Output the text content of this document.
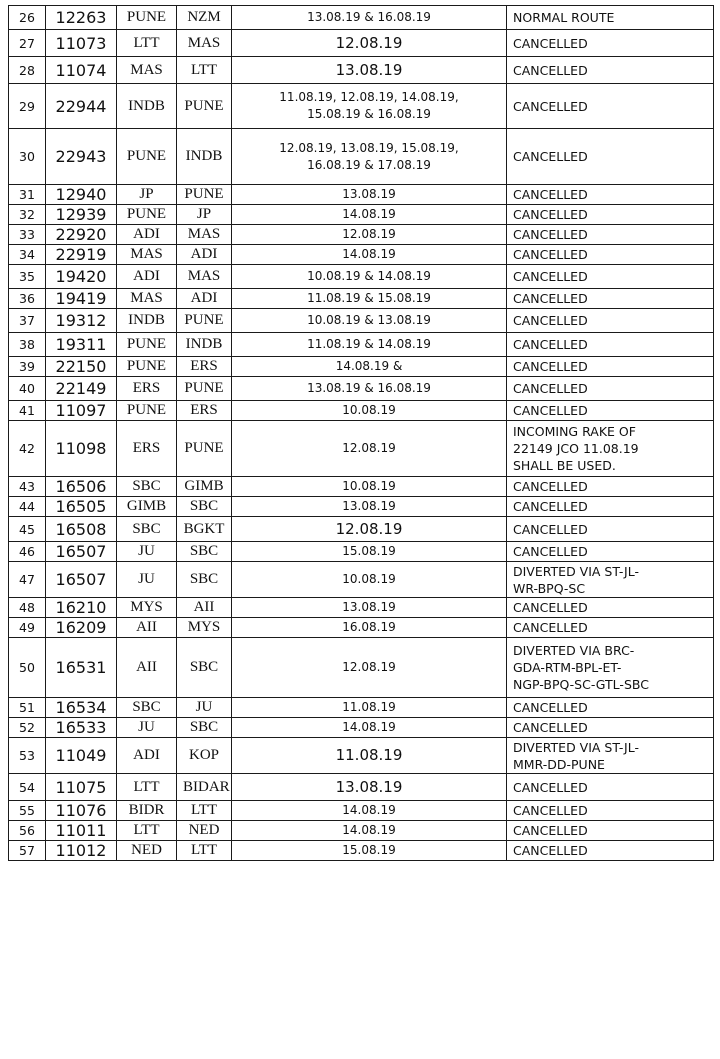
26	12263	PUNE	NZM	13.08.19 & 16.08.19	NORMAL ROUTE

27	11073	LTT	MAS	12.08.19	CANCELLED

28	11074	MAS	LTT	13.08.19	CANCELLED

29	22944	INDB	PUNE	11.08.19, 12.08.19, 14.08.19,
15.08.19 & 16.08.19	CANCELLED

30	22943	PUNE	INDB	12.08.19, 13.08.19, 15.08.19,
16.08.19 & 17.08.19	CANCELLED

31	12940	JP	PUNE	13.08.19	CANCELLED

32	12939	PUNE	JP	14.08.19	CANCELLED

33	22920	ADI	MAS	12.08.19	CANCELLED

34	22919	MAS	ADI	14.08.19	CANCELLED

35	19420	ADI	MAS	10.08.19 & 14.08.19	CANCELLED

36	19419	MAS	ADI	11.08.19 & 15.08.19	CANCELLED

37	19312	INDB	PUNE	10.08.19 & 13.08.19	CANCELLED

38	19311	PUNE	INDB	11.08.19 & 14.08.19	CANCELLED

39	22150	PUNE	ERS	14.08.19 &	CANCELLED

40	22149	ERS	PUNE	13.08.19 & 16.08.19	CANCELLED

41	11097	PUNE	ERS	10.08.19	CANCELLED

42	11098	ERS	PUNE	12.08.19	INCOMING RAKE OF
22149 JCO 11.08.19
SHALL BE USED.

43	16506	SBC	GIMB	10.08.19	CANCELLED

44	16505	GIMB	SBC	13.08.19	CANCELLED

45	16508	SBC	BGKT	12.08.19	CANCELLED

46	16507	JU	SBC	15.08.19	CANCELLED

47	16507	JU	SBC	10.08.19	DIVERTED VIA ST-JL-
WR-BPQ-SC

48	16210	MYS	AII	13.08.19	CANCELLED

49	16209	AII	MYS	16.08.19	CANCELLED

50	16531	AII	SBC	12.08.19	DIVERTED VIA BRC-
GDA-RTM-BPL-ET-
NGP-BPQ-SC-GTL-SBC

51	16534	SBC	JU	11.08.19	CANCELLED

52	16533	JU	SBC	14.08.19	CANCELLED

53	11049	ADI	KOP	11.08.19	DIVERTED VIA ST-JL-
MMR-DD-PUNE

54	11075	LTT	BIDAR	13.08.19	CANCELLED

55	11076	BIDR	LTT	14.08.19	CANCELLED

56	11011	LTT	NED	14.08.19	CANCELLED

57	11012	NED	LTT	15.08.19	CANCELLED
